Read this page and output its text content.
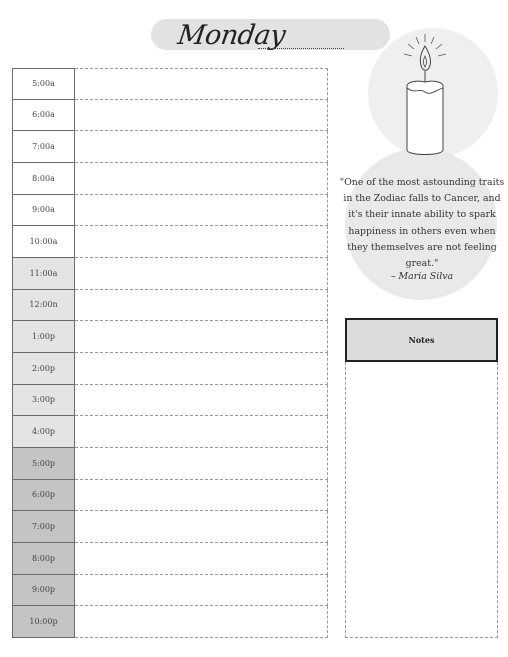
Monday
5:00a
6:00a
7:00a
8:00a
9:00a
10:00a
11:00a
12:00n
1:00p
2:00p
3:00p
4:00p
5:00p
6:00p
7:00p
8:00p
9:00p
10:00p
"One of the most astounding traits in the Zodiac falls to Cancer, and it's their innate ability to spark happiness in others even when they themselves are not feeling great."
– Maria Silva
Notes
